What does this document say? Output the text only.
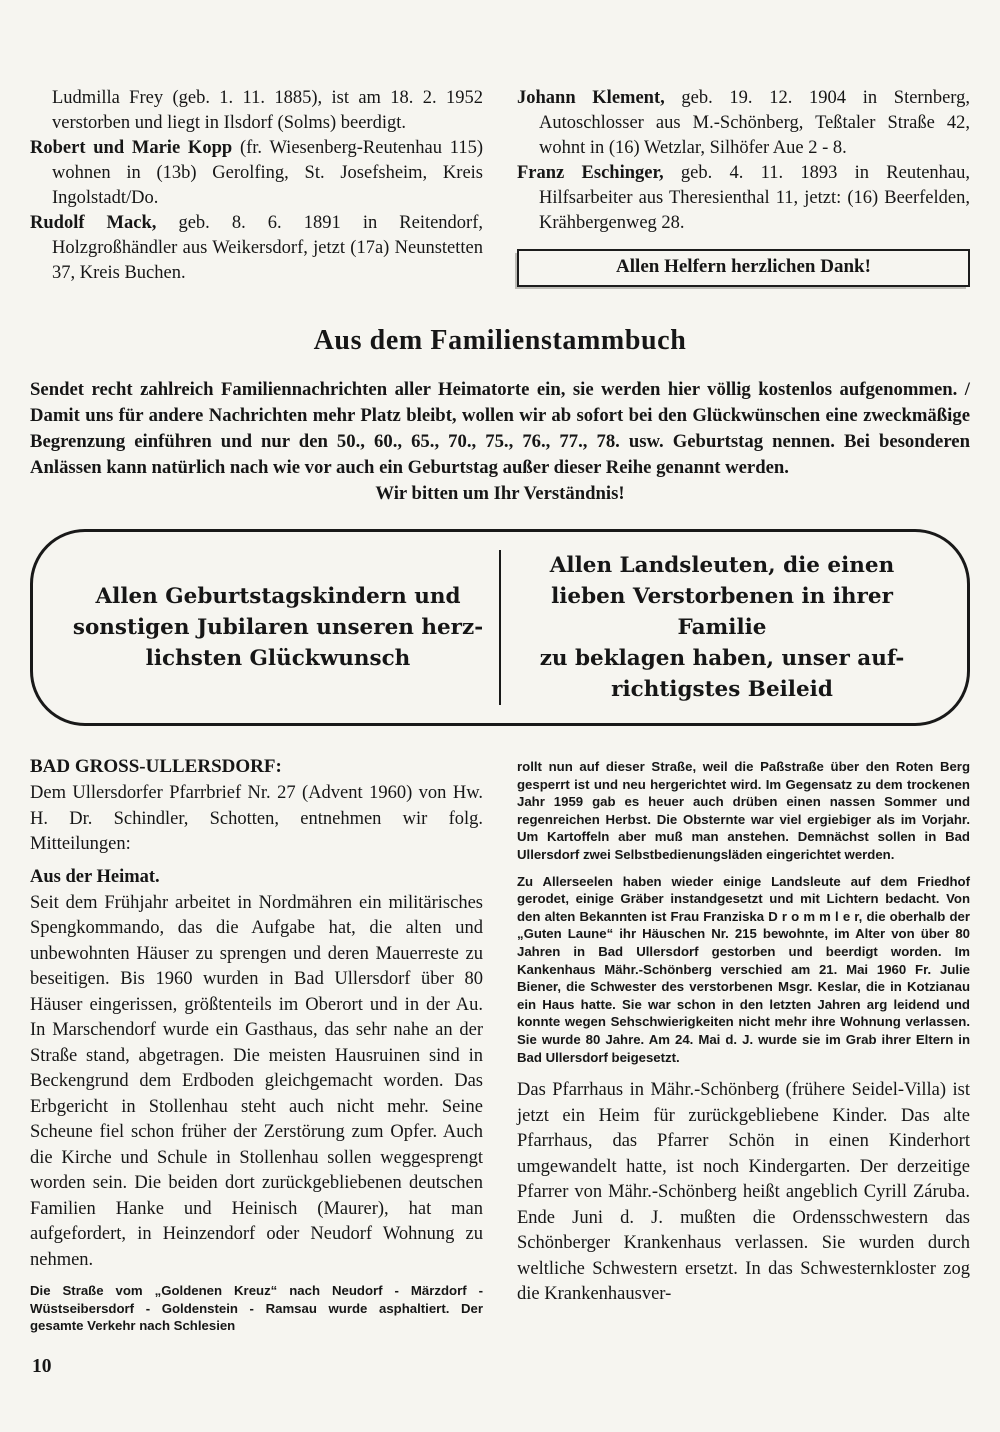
Ludmilla Frey (geb. 1. 11. 1885), ist am 18. 2. 1952 verstorben und liegt in Ilsdorf (Solms) beerdigt.

Robert und Marie Kopp (fr. Wiesenberg-Reutenhau 115) wohnen in (13b) Gerolfing, St. Josefsheim, Kreis Ingolstadt/Do.

Rudolf Mack, geb. 8. 6. 1891 in Reitendorf, Holzgroßhändler aus Weikersdorf, jetzt (17a) Neunstetten 37, Kreis Buchen.

Johann Klement, geb. 19. 12. 1904 in Sternberg, Autoschlosser aus M.-Schönberg, Teßtaler Straße 42, wohnt in (16) Wetzlar, Silhöfer Aue 2 - 8.

Franz Eschinger, geb. 4. 11. 1893 in Reutenhau, Hilfsarbeiter aus Theresienthal 11, jetzt: (16) Beerfelden, Krähbergenweg 28.

Allen Helfern herzlichen Dank!
Aus dem Familienstammbuch

Sendet recht zahlreich Familiennachrichten aller Heimatorte ein, sie werden hier völlig kostenlos aufgenommen. / Damit uns für andere Nachrichten mehr Platz bleibt, wollen wir ab sofort bei den Glückwünschen eine zweckmäßige Begrenzung einführen und nur den 50., 60., 65., 70., 75., 76., 77., 78. usw. Geburtstag nennen. Bei besonderen Anlässen kann natürlich nach wie vor auch ein Geburtstag außer dieser Reihe genannt werden.

Wir bitten um Ihr Verständnis!

Allen Geburtstagskindern und
sonstigen Jubilaren unseren herz-
lichsten Glückwunsch
Allen Landsleuten, die einen
lieben Verstorbenen in ihrer Familie
zu beklagen haben, unser auf-
richtigstes Beileid
BAD GROSS-ULLERSDORF:

Dem Ullersdorfer Pfarrbrief Nr. 27 (Advent 1960) von Hw. H. Dr. Schindler, Schotten, entnehmen wir folg. Mitteilungen:

Aus der Heimat.

Seit dem Frühjahr arbeitet in Nordmähren ein militärisches Spengkommando, das die Aufgabe hat, die alten und unbewohnten Häuser zu sprengen und deren Mauerreste zu beseitigen. Bis 1960 wurden in Bad Ullersdorf über 80 Häuser eingerissen, größtenteils im Oberort und in der Au. In Marschendorf wurde ein Gasthaus, das sehr nahe an der Straße stand, abgetragen. Die meisten Hausruinen sind in Beckengrund dem Erdboden gleichgemacht worden. Das Erbgericht in Stollenhau steht auch nicht mehr. Seine Scheune fiel schon früher der Zerstörung zum Opfer. Auch die Kirche und Schule in Stollenhau sollen weggesprengt worden sein. Die beiden dort zurückgebliebenen deutschen Familien Hanke und Heinisch (Maurer), hat man aufgefordert, in Heinzendorf oder Neudorf Wohnung zu nehmen.

Die Straße vom „Goldenen Kreuz“ nach Neudorf - Märzdorf - Wüstseibersdorf - Goldenstein - Ramsau wurde asphaltiert. Der gesamte Verkehr nach Schlesien

rollt nun auf dieser Straße, weil die Paßstraße über den Roten Berg gesperrt ist und neu hergerichtet wird. Im Gegensatz zu dem trockenen Jahr 1959 gab es heuer auch drüben einen nassen Sommer und regenreichen Herbst. Die Obsternte war viel ergiebiger als im Vorjahr. Um Kartoffeln aber muß man anstehen. Demnächst sollen in Bad Ullersdorf zwei Selbstbedienungsläden eingerichtet werden.

Zu Allerseelen haben wieder einige Landsleute auf dem Friedhof gerodet, einige Gräber instandgesetzt und mit Lichtern bedacht. Von den alten Bekannten ist Frau Franziska D r o m m l e r, die oberhalb der „Guten Laune“ ihr Häuschen Nr. 215 bewohnte, im Alter von über 80 Jahren in Bad Ullersdorf gestorben und beerdigt worden. Im Kankenhaus Mähr.-Schönberg verschied am 21. Mai 1960 Fr. Julie Biener, die Schwester des verstorbenen Msgr. Keslar, die in Kotzianau ein Haus hatte. Sie war schon in den letzten Jahren arg leidend und konnte wegen Sehschwierigkeiten nicht mehr ihre Wohnung verlassen. Sie wurde 80 Jahre. Am 24. Mai d. J. wurde sie im Grab ihrer Eltern in Bad Ullersdorf beigesetzt.

Das Pfarrhaus in Mähr.-Schönberg (frühere Seidel-Villa) ist jetzt ein Heim für zurückgebliebene Kinder. Das alte Pfarrhaus, das Pfarrer Schön in einen Kinderhort umgewandelt hatte, ist noch Kindergarten. Der derzeitige Pfarrer von Mähr.-Schönberg heißt angeblich Cyrill Záruba. Ende Juni d. J. mußten die Ordensschwestern das Schönberger Krankenhaus verlassen. Sie wurden durch weltliche Schwestern ersetzt. In das Schwesternkloster zog die Krankenhausver-

10
